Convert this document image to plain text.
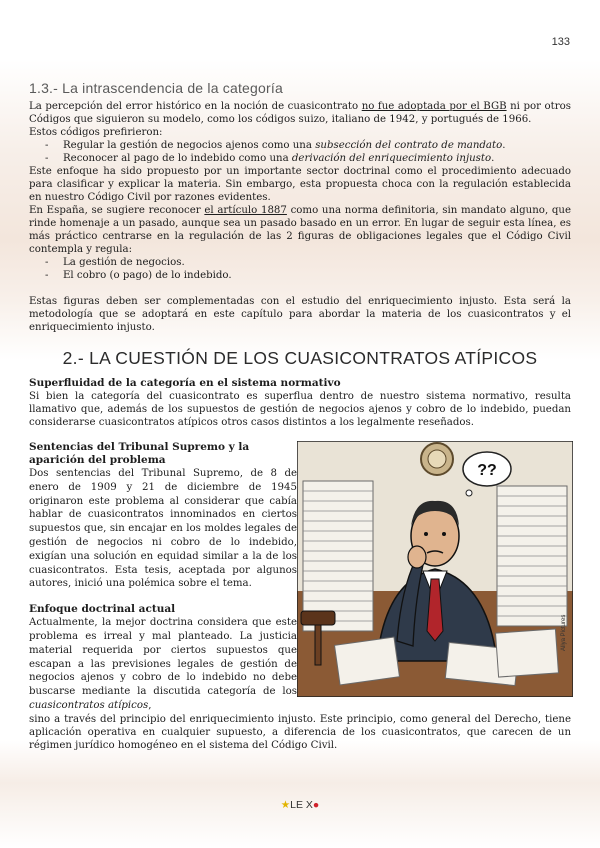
133
1.3.- La intrascendencia de la categoría

La percepción del error histórico en la noción de cuasicontrato no fue adoptada por el BGB ni por otros Códigos que siguieron su modelo, como los códigos suizo, italiano de 1942, y portugués de 1966.

Estos códigos prefirieron:

-	Regular la gestión de negocios ajenos como una subsección del contrato de mandato.
-	Reconocer al pago de lo indebido como una derivación del enriquecimiento injusto.

Este enfoque ha sido propuesto por un importante sector doctrinal como el procedimiento adecuado para clasificar y explicar la materia. Sin embargo, esta propuesta choca con la regulación establecida en nuestro Código Civil por razones evidentes.

En España, se sugiere reconocer el artículo 1887 como una norma definitoria, sin mandato alguno, que rinde homenaje a un pasado, aunque sea un pasado basado en un error. En lugar de seguir esta línea, es más práctico centrarse en la regulación de las 2 figuras de obligaciones legales que el Código Civil contempla y regula:

-	La gestión de negocios.
-	El cobro (o pago) de lo indebido.

Estas figuras deben ser complementadas con el estudio del enriquecimiento injusto. Esta será la metodología que se adoptará en este capítulo para abordar la materia de los cuasicontratos y el enriquecimiento injusto.

2.- LA CUESTIÓN DE LOS CUASICONTRATOS ATÍPICOS
Superfluidad de la categoría en el sistema normativo

Si bien la categoría del cuasicontrato es superflua dentro de nuestro sistema normativo, resulta llamativo que, además de los supuestos de gestión de negocios ajenos y cobro de lo indebido, puedan considerarse cuasicontratos atípicos otros casos distintos a los legalmente reseñados.

Sentencias del Tribunal Supremo y la aparición del problema

Dos sentencias del Tribunal Supremo, de 8 de enero de 1909 y 21 de diciembre de 1945 originaron este problema al considerar que cabía hablar de cuasicontratos innominados en ciertos supuestos que, sin encajar en los moldes legales de gestión de negocios ni cobro de lo indebido, exigían una solución en equidad similar a la de los cuasicontratos. Esta tesis, aceptada por algunos autores, inició una polémica sobre el tema.

Enfoque doctrinal actual

Actualmente, la mejor doctrina considera que este problema es irreal y mal planteado. La justicia material requerida por ciertos supuestos que escapan a las previsiones legales de gestión de negocios ajenos y cobro de lo indebido no debe buscarse mediante la discutida categoría de los cuasicontratos atípicos,

??
Aliya Pictures

sino a través del principio del enriquecimiento injusto. Este principio, como general del Derecho, tiene aplicación operativa en cualquier supuesto, a diferencia de los cuasicontratos, que carecen de un régimen jurídico homogéneo en el sistema del Código Civil.

★LE X●
